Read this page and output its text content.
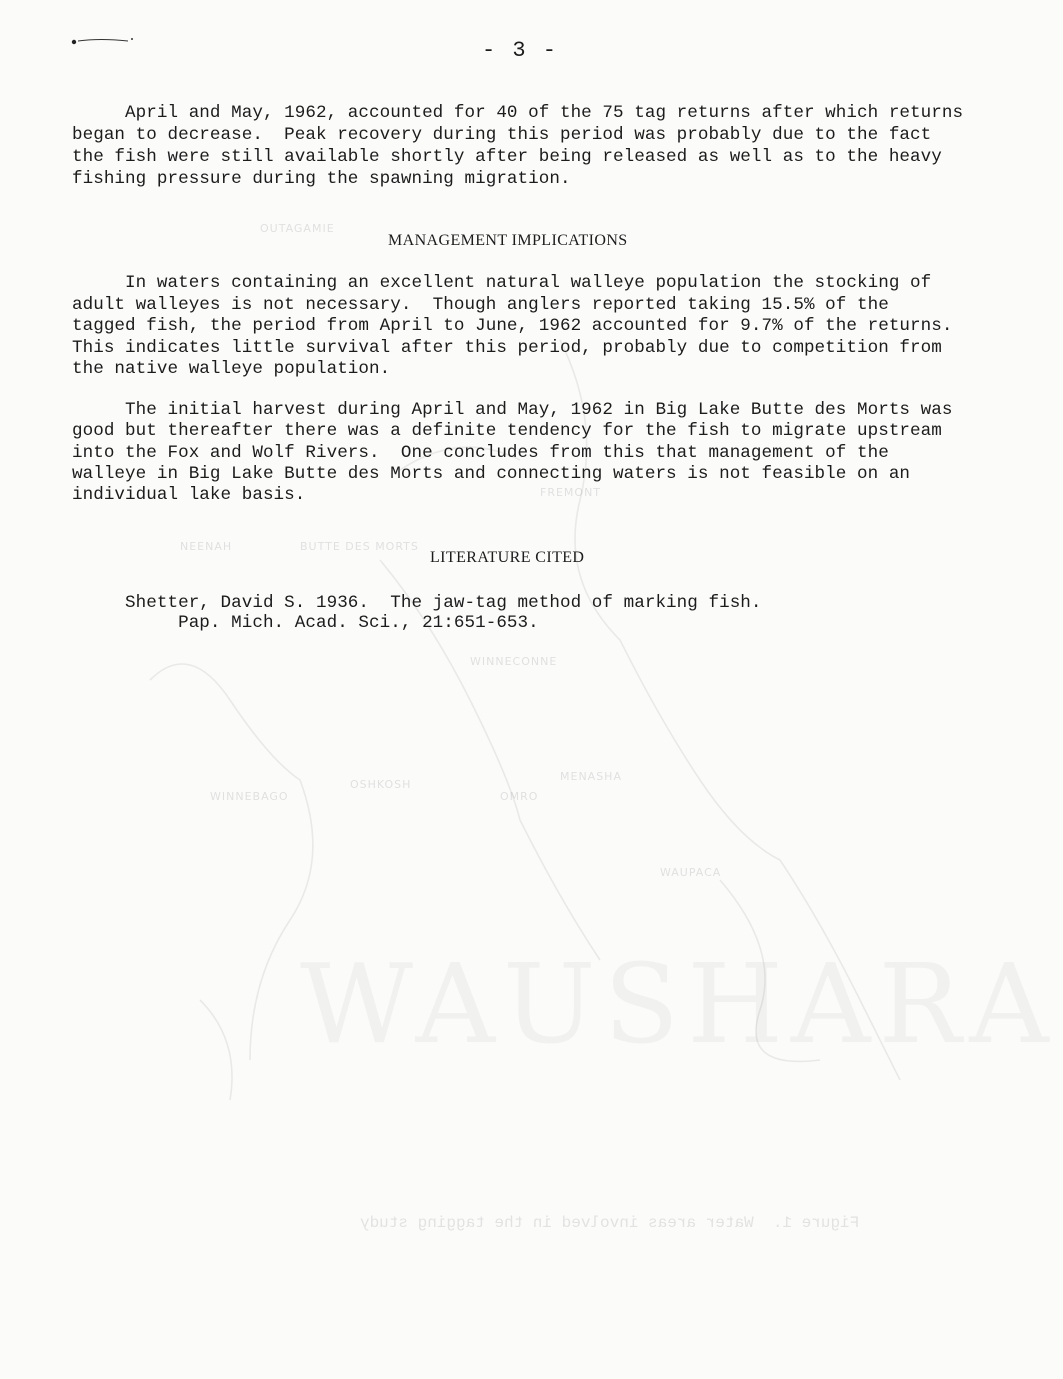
OUTAGAMIE
FREMONT
BUTTE DES MORTS
WINNECONNE
OSHKOSH
WINNEBAGO	OMRO
WAUPACA
NEENAH
MENASHA
WAUSHARA
Figure 1.  Water areas involved in the tagging study
- 3 -
April and May, 1962, accounted for 40 of the 75 tag returns after which returns
began to decrease.  Peak recovery during this period was probably due to the fact
the fish were still available shortly after being released as well as to the heavy
fishing pressure during the spawning migration.
MANAGEMENT IMPLICATIONS
In waters containing an excellent natural walleye population the stocking of
adult walleyes is not necessary.  Though anglers reported taking 15.5% of the
tagged fish, the period from April to June, 1962 accounted for 9.7% of the returns.
This indicates little survival after this period, probably due to competition from
the native walleye population.
The initial harvest during April and May, 1962 in Big Lake Butte des Morts was
good but thereafter there was a definite tendency for the fish to migrate upstream
into the Fox and Wolf Rivers.  One concludes from this that management of the
walleye in Big Lake Butte des Morts and connecting waters is not feasible on an
individual lake basis.
LITERATURE CITED
Shetter, David S. 1936.  The jaw-tag method of marking fish.
Pap. Mich. Acad. Sci., 21:651-653.
